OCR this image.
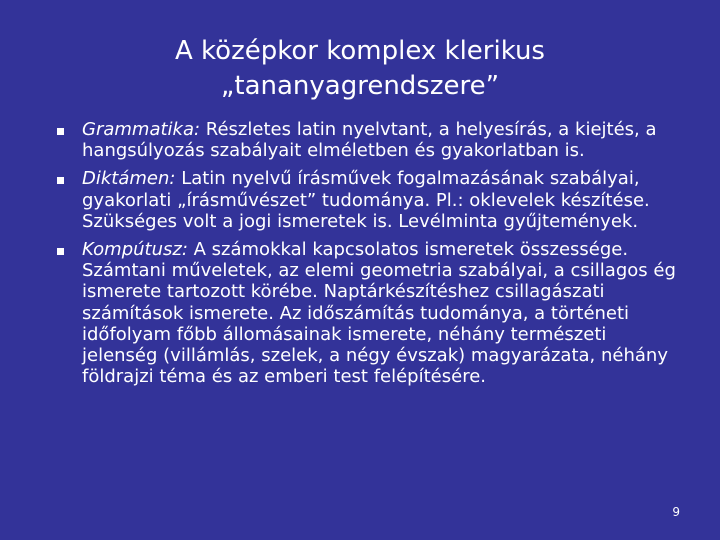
A középkor komplex klerikus
„tananyagrendszere”
Grammatika: Részletes latin nyelvtant, a helyesírás, a kiejtés, a hangsúlyozás szabályait elméletben és gyakorlatban is.
Diktámen: Latin nyelvű írásművek fogalmazásának szabályai, gyakorlati „írásművészet” tudománya. Pl.: oklevelek készítése. Szükséges volt a jogi ismeretek is. Levélminta gyűjtemények.
Kompútusz: A számokkal kapcsolatos ismeretek összessége. Számtani műveletek, az elemi geometria szabályai, a csillagos ég ismerete tartozott körébe. Naptárkészítéshez csillagászati számítások ismerete. Az időszámítás tudománya, a történeti időfolyam főbb állomásainak ismerete, néhány természeti jelenség (villámlás, szelek, a négy évszak) magyarázata, néhány földrajzi téma és az emberi test felépítésére.
9
